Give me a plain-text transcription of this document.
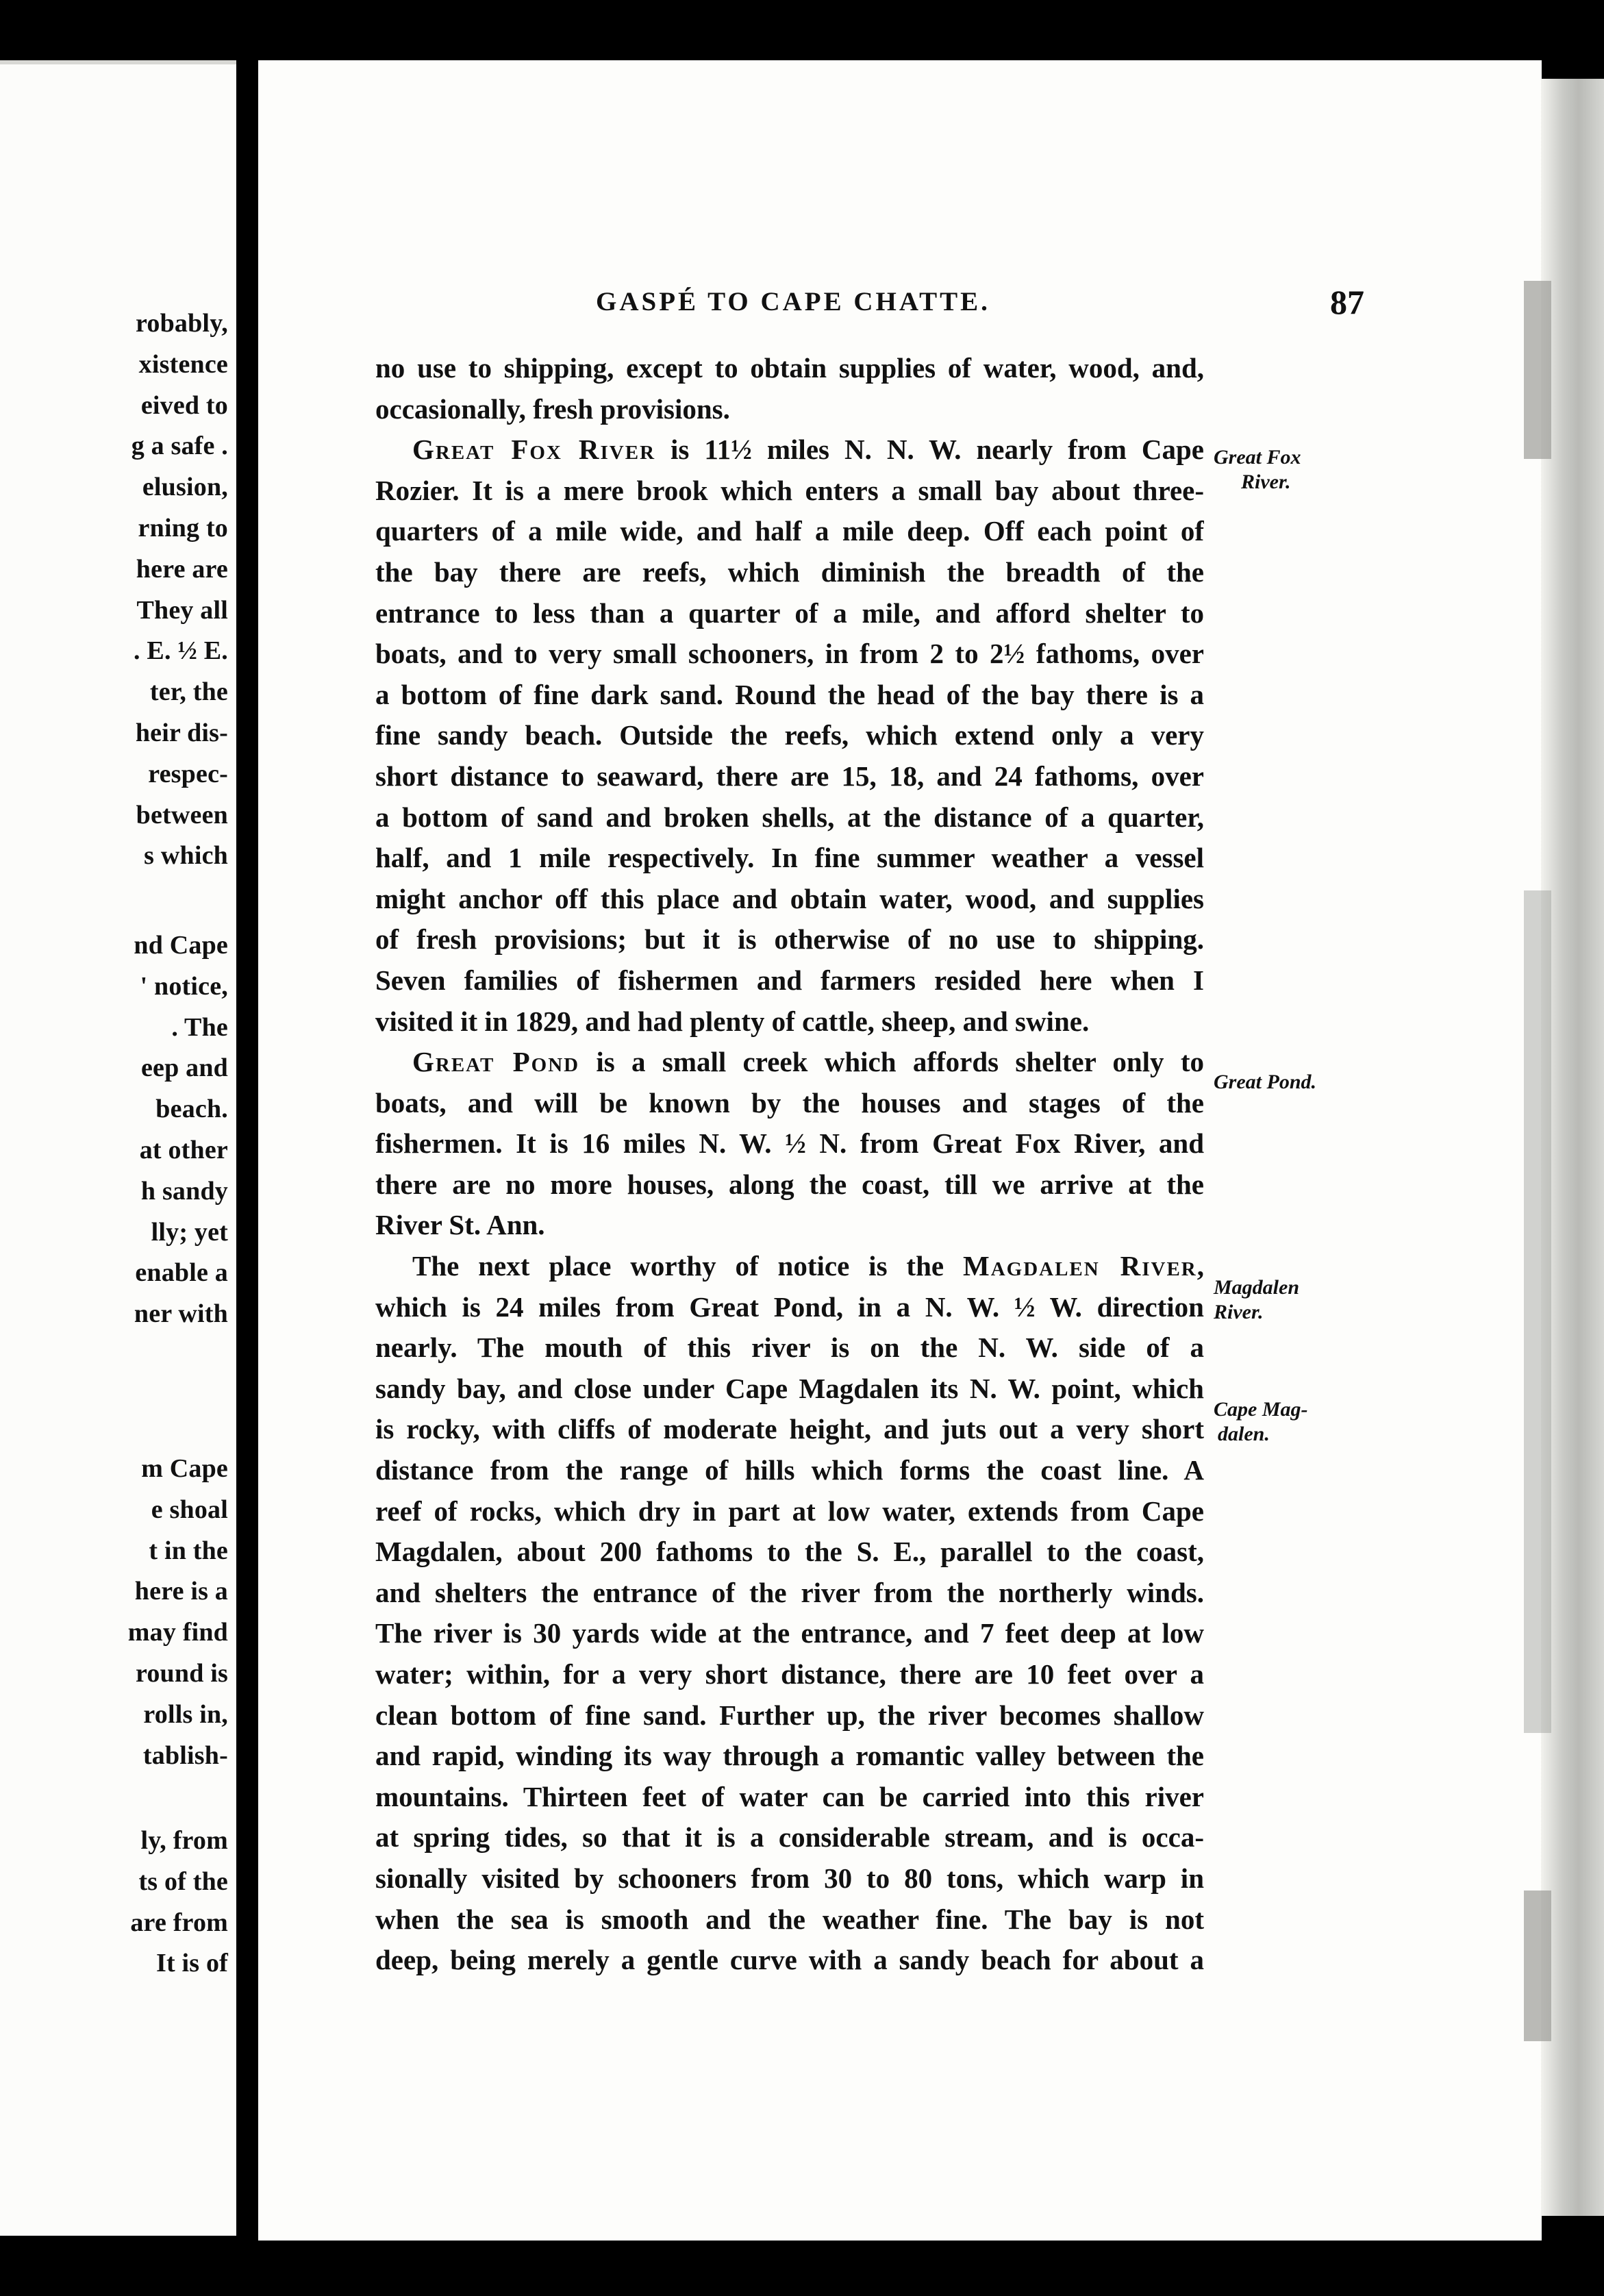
robably,
xistence
eived to
g a safe .
elusion,
rning to
here are
They all
. E. ½ E.
ter, the
heir dis-
respec-
between
s which
nd Cape
' notice,
. The
eep and
beach.
at other
h sandy
lly; yet
enable a
ner with
m Cape
e shoal
t in the
here is a
may find
round is
rolls in,
tablish-
ly, from
ts of the
are from
It is of
GASPÉ TO CAPE CHATTE.	87
no use to shipping, except to obtain supplies of water, wood, and,
occasionally, fresh provisions.
Great Fox River is 11½ miles N. N. W. nearly from Cape
Rozier. It is a mere brook which enters a small bay about three-
quarters of a mile wide, and half a mile deep. Off each point of
the bay there are reefs, which diminish the breadth of the
entrance to less than a quarter of a mile, and afford shelter to
boats, and to very small schooners, in from 2 to 2½ fathoms, over
a bottom of fine dark sand. Round the head of the bay there is a
fine sandy beach. Outside the reefs, which extend only a very
short distance to seaward, there are 15, 18, and 24 fathoms, over
a bottom of sand and broken shells, at the distance of a quarter,
half, and 1 mile respectively. In fine summer weather a vessel
might anchor off this place and obtain water, wood, and supplies
of fresh provisions; but it is otherwise of no use to shipping.
Seven families of fishermen and farmers resided here when I
visited it in 1829, and had plenty of cattle, sheep, and swine.
Great Pond is a small creek which affords shelter only to
boats, and will be known by the houses and stages of the
fishermen. It is 16 miles N. W. ½ N. from Great Fox River, and
there are no more houses, along the coast, till we arrive at the
River St. Ann.
The next place worthy of notice is the Magdalen River,
which is 24 miles from Great Pond, in a N. W. ½ W. direction
nearly. The mouth of this river is on the N. W. side of a
sandy bay, and close under Cape Magdalen its N. W. point, which
is rocky, with cliffs of moderate height, and juts out a very short
distance from the range of hills which forms the coast line. A
reef of rocks, which dry in part at low water, extends from Cape
Magdalen, about 200 fathoms to the S. E., parallel to the coast,
and shelters the entrance of the river from the northerly winds.
The river is 30 yards wide at the entrance, and 7 feet deep at low
water; within, for a very short distance, there are 10 feet over a
clean bottom of fine sand. Further up, the river becomes shallow
and rapid, winding its way through a romantic valley between the
mountains. Thirteen feet of water can be carried into this river
at spring tides, so that it is a considerable stream, and is occa-
sionally visited by schooners from 30 to 80 tons, which warp in
when the sea is smooth and the weather fine. The bay is not
deep, being merely a gentle curve with a sandy beach for about a
Great Fox
River.
Great Pond.
Magdalen
River.
Cape Mag-
dalen.
